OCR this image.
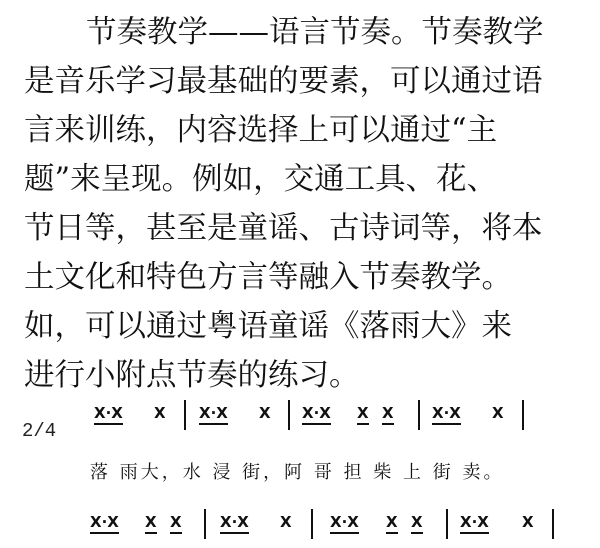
节奏教学——语言节奏。节奏教学
是音乐学习最基础的要素，可以通过语
言来训练，内容选择上可以通过“主
题”来呈现。例如，交通工具、花、
节日等，甚至是童谣、古诗词等，将本
土文化和特色方言等融入节奏教学。
如，可以通过粤语童谣《落雨大》来
进行小附点节奏的练习。
2/4
X·X X X·X X X·X X X	X·X X
落 雨大，水 浸 街，阿 哥 担 柴 上 街 卖。
X·X X X	X·X X	X·X X X X·X X
